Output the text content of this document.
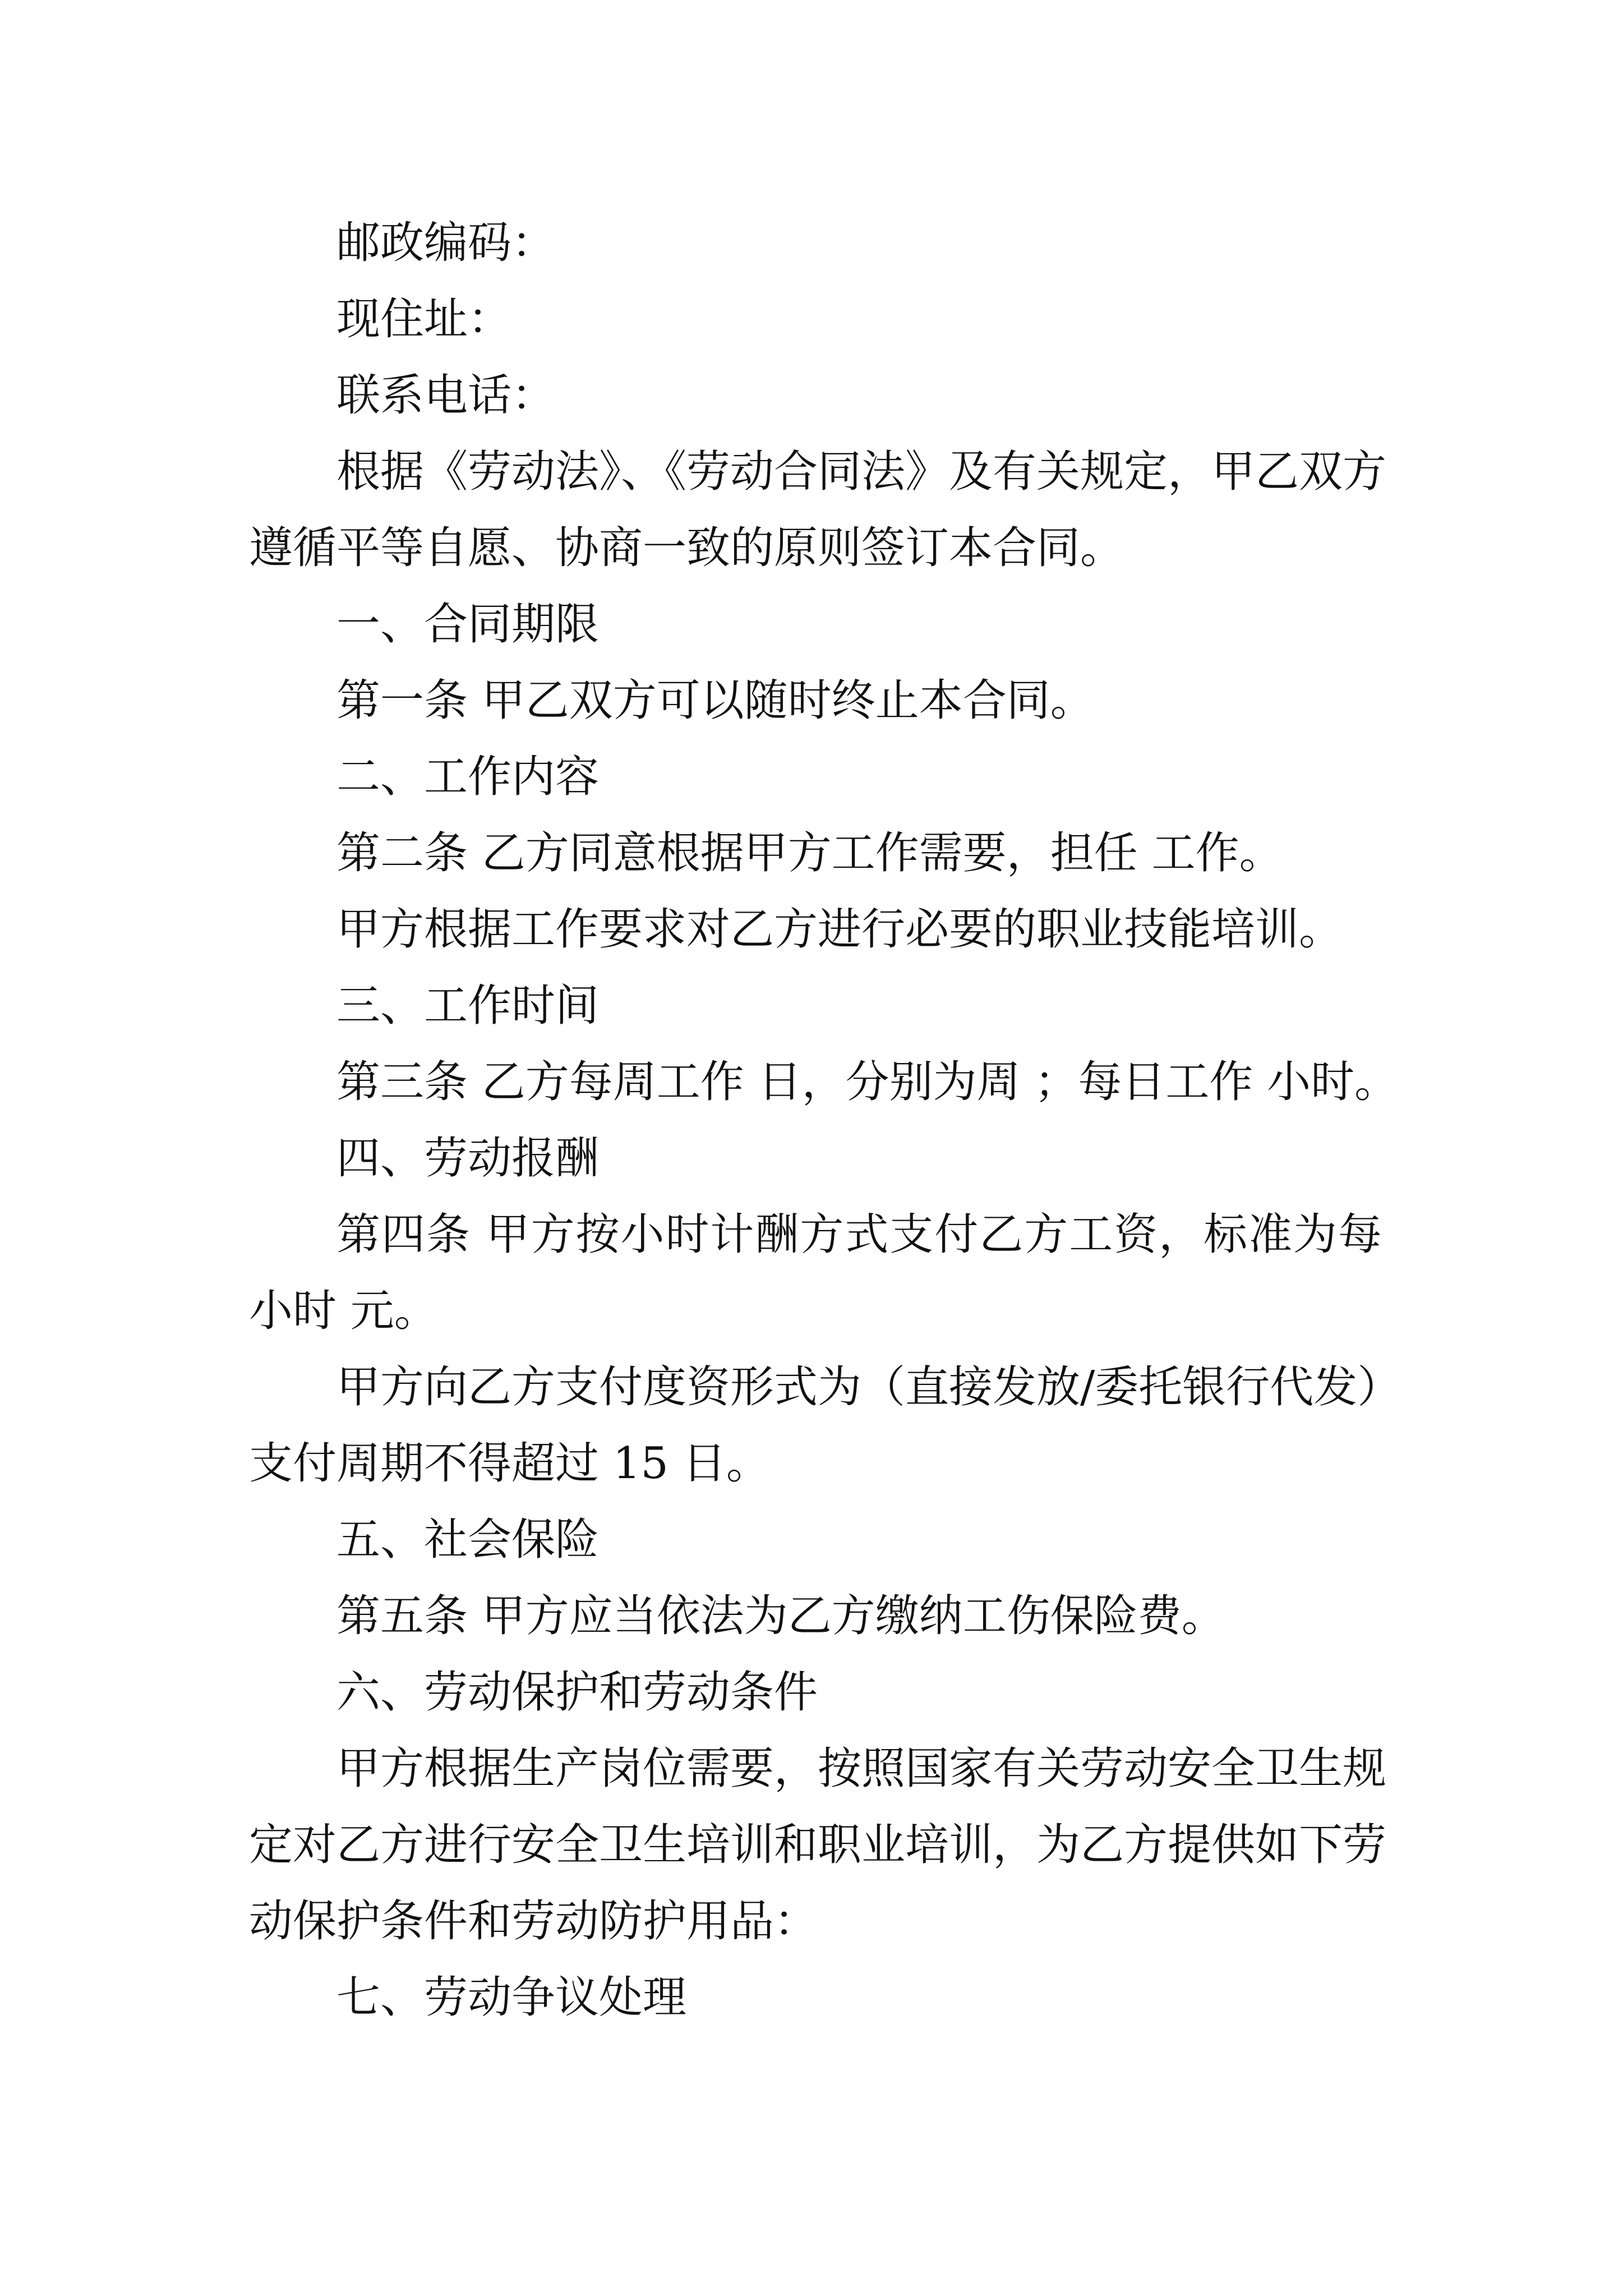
邮政编码：

现住址：

联系电话：

根据《劳动法》、《劳动合同法》及有关规定，甲乙双方
遵循平等自愿、协商一致的原则签订本合同。

一、合同期限

第一条 甲乙双方可以随时终止本合同。

二、工作内容

第二条 乙方同意根据甲方工作需要，担任 工作。

甲方根据工作要求对乙方进行必要的职业技能培训。

三、工作时间

第三条 乙方每周工作 日，分别为周 ；每日工作 小时。

四、劳动报酬

第四条 甲方按小时计酬方式支付乙方工资，标准为每
小时 元。

甲方向乙方支付度资形式为（直接发放/委托银行代发）
支付周期不得超过 15 日。

五、社会保险

第五条 甲方应当依法为乙方缴纳工伤保险费。

六、劳动保护和劳动条件

甲方根据生产岗位需要，按照国家有关劳动安全卫生规
定对乙方进行安全卫生培训和职业培训，为乙方提供如下劳
动保护条件和劳动防护用品：

七、劳动争议处理
